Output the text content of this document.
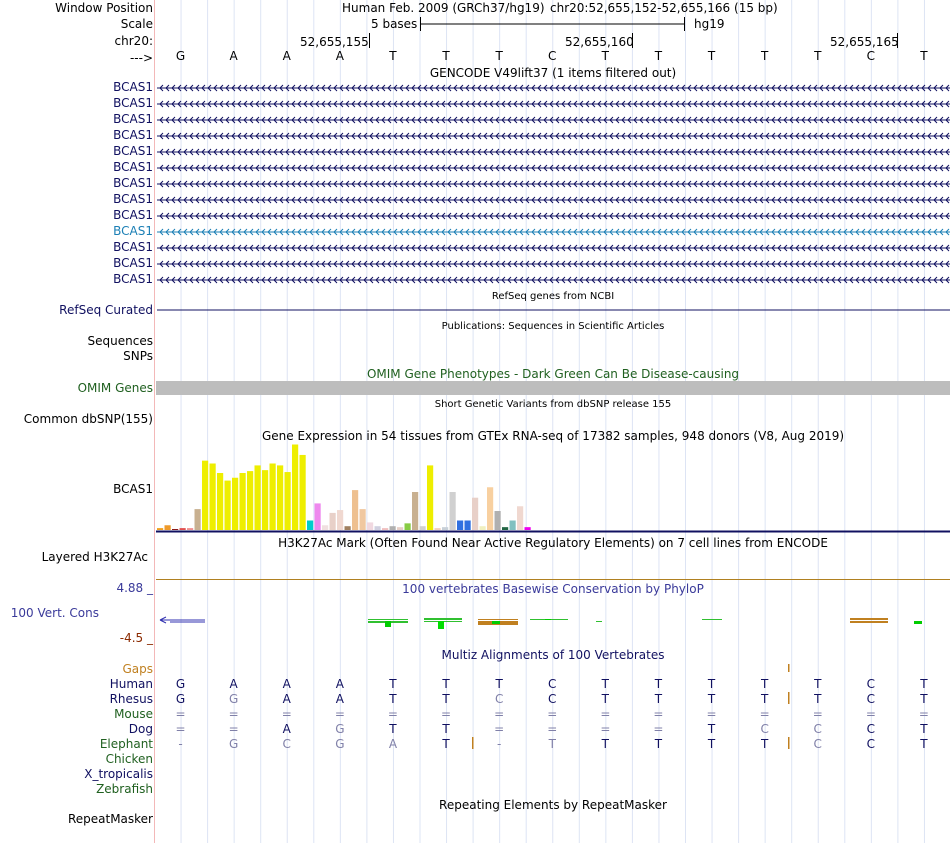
Window Position
Scale
chr20:
--->
Human Feb. 2009 (GRCh37/hg19) chr20:52,655,152-52,655,166 (15 bp)
5 bases	hg19
52,655,155	52,655,160	52,655,165
G	A	A	A	T	T	T	C	T	T	T	T	T	C	T
GENCODE V49lift37 (1 items filtered out)
BCAS1
BCAS1
BCAS1
BCAS1
BCAS1
BCAS1
BCAS1
BCAS1
BCAS1
BCAS1
BCAS1
BCAS1
BCAS1
RefSeq Curated
RefSeq genes from NCBI
Publications: Sequences in Scientific Articles
Sequences
SNPs
OMIM Gene Phenotypes - Dark Green Can Be Disease-causing
OMIM Genes
Short Genetic Variants from dbSNP release 155
Common dbSNP(155)
Gene Expression in 54 tissues from GTEx RNA-seq of 17382 samples, 948 donors (V8, Aug 2019)
BCAS1
H3K27Ac Mark (Often Found Near Active Regulatory Elements) on 7 cell lines from ENCODE
Layered H3K27Ac
100 vertebrates Basewise Conservation by PhyloP
4.88 _
100 Vert. Cons
-4.5 _
Multiz Alignments of 100 Vertebrates
Gaps
Human	G	A	A	A	T	T	T	C	T	T	T	T	T	C	T
Rhesus	G	G	A	A	T	T	C	C	T	T	T	T	T	C	T
Mouse	=	=	=	=	=	=	=	=	=	=	=	=	=	=	=
Dog	=	=	A	G	T	T	=	=	=	=	T	C	C	C	T
Elephant	-	G	C	G	A	T	-	T	T	T	T	T	C	C	T
Chicken
X_tropicalis
Zebrafish
Repeating Elements by RepeatMasker
RepeatMasker
